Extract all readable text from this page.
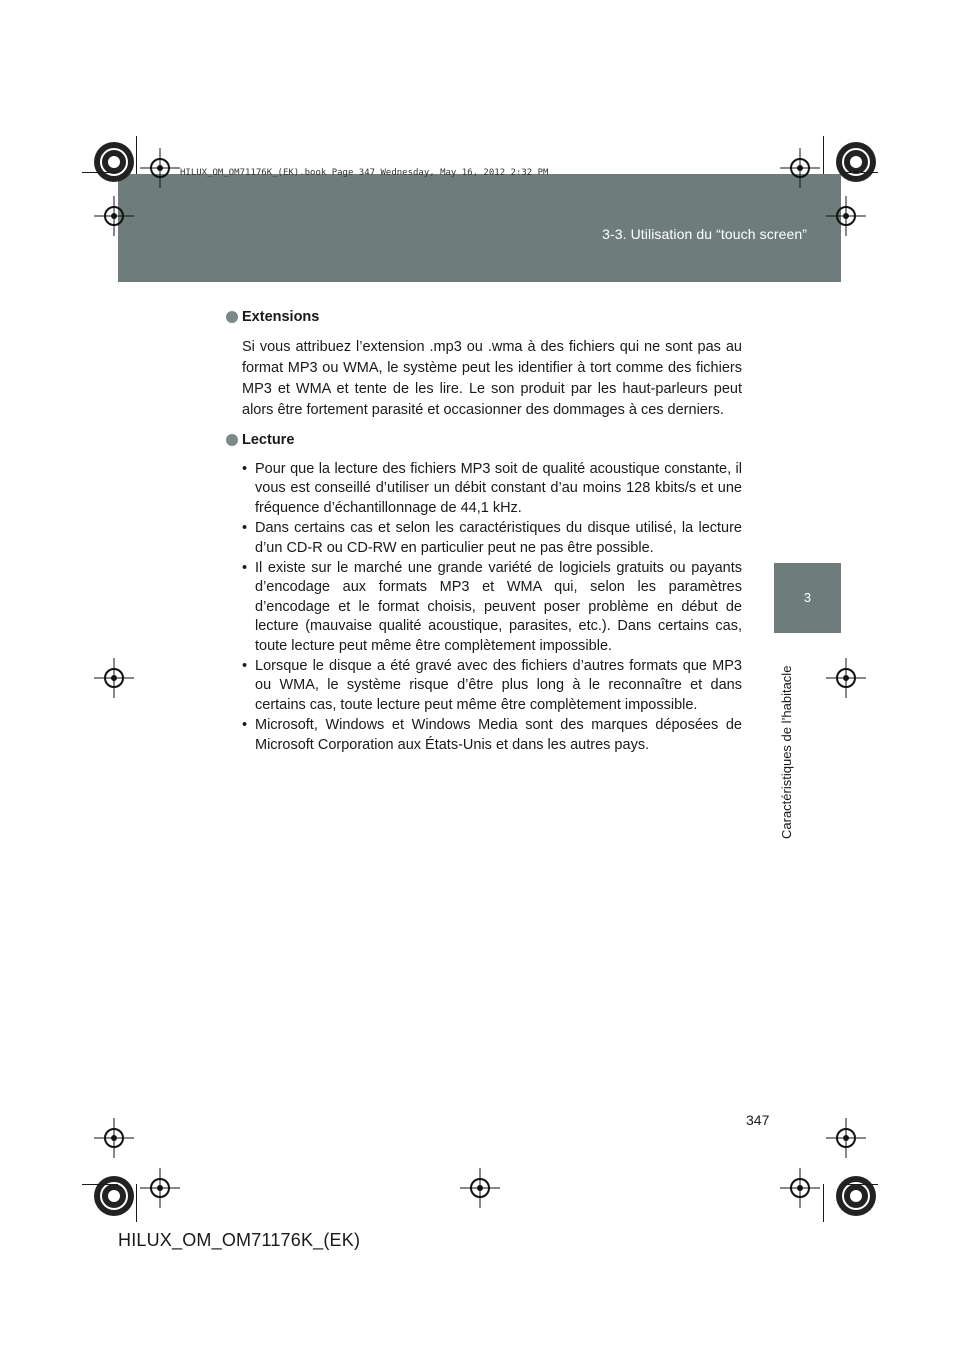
3-3. Utilisation du “touch screen”

HILUX_OM_OM71176K_(EK).book Page 347 Wednesday, May 16, 2012 2:32 PM

3
Caractéristiques de l’habitacle
Extensions

Si vous attribuez l’extension .mp3 ou .wma à des fichiers qui ne sont pas au format MP3 ou WMA, le système peut les identifier à tort comme des fichiers MP3 et WMA et tente de les lire. Le son produit par les haut-parleurs peut alors être fortement parasité et occasionner des dommages à ces derniers.

Lecture
• Pour que la lecture des fichiers MP3 soit de qualité acoustique constante, il vous est conseillé d’utiliser un débit constant d’au moins 128 kbits/s et une fréquence d’échantillonnage de 44,1 kHz.
• Dans certains cas et selon les caractéristiques du disque utilisé, la lecture d’un CD-R ou CD-RW en particulier peut ne pas être possible.
• Il existe sur le marché une grande variété de logiciels gratuits ou payants d’encodage aux formats MP3 et WMA qui, selon les paramètres d’encodage et le format choisis, peuvent poser problème en début de lecture (mauvaise qualité acoustique, parasites, etc.). Dans certains cas, toute lecture peut même être complètement impossible.
• Lorsque le disque a été gravé avec des fichiers d’autres formats que MP3 ou WMA, le système risque d’être plus long à le reconnaître et dans certains cas, toute lecture peut même être complètement impossible.
• Microsoft, Windows et Windows Media sont des marques déposées de Microsoft Corporation aux États-Unis et dans les autres pays.
347

HILUX_OM_OM71176K_(EK)
